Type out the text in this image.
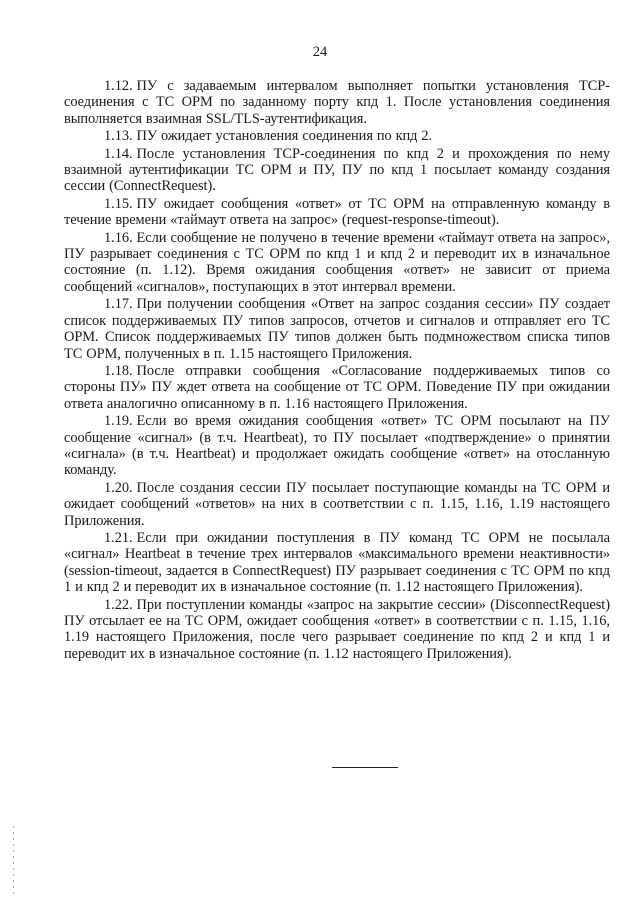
24

1.12. ПУ с задаваемым интервалом выполняет попытки установления TCP-соединения с ТС ОРМ по заданному порту кпд 1. После установления соединения выполняется взаимная SSL/TLS-аутентификация.

1.13. ПУ ожидает установления соединения по кпд 2.

1.14. После установления TCP-соединения по кпд 2 и прохождения по нему взаимной аутентификации ТС ОРМ и ПУ, ПУ по кпд 1 посылает команду создания сессии (ConnectRequest).

1.15. ПУ ожидает сообщения «ответ» от ТС ОРМ на отправленную команду в течение времени «таймаут ответа на запрос» (request-response-timeout).

1.16. Если сообщение не получено в течение времени «таймаут ответа на запрос», ПУ разрывает соединения с ТС ОРМ по кпд 1 и кпд 2 и переводит их в изначальное состояние (п. 1.12). Время ожидания сообщения «ответ» не зависит от приема сообщений «сигналов», поступающих в этот интервал времени.

1.17. При получении сообщения «Ответ на запрос создания сессии» ПУ создает список поддерживаемых ПУ типов запросов, отчетов и сигналов и отправляет его ТС ОРМ. Список поддерживаемых ПУ типов должен быть подмножеством списка типов ТС ОРМ, полученных в п. 1.15 настоящего Приложения.

1.18. После отправки сообщения «Согласование поддерживаемых типов со стороны ПУ» ПУ ждет ответа на сообщение от ТС ОРМ. Поведение ПУ при ожидании ответа аналогично описанному в п. 1.16 настоящего Приложения.

1.19. Если во время ожидания сообщения «ответ» ТС ОРМ посылают на ПУ сообщение «сигнал» (в т.ч. Heartbeat), то ПУ посылает «подтверждение» о принятии «сигнала» (в т.ч. Heartbeat) и продолжает ожидать сообщение «ответ» на отосланную команду.

1.20. После создания сессии ПУ посылает поступающие команды на ТС ОРМ и ожидает сообщений «ответов» на них в соответствии с п. 1.15, 1.16, 1.19 настоящего Приложения.

1.21. Если при ожидании поступления в ПУ команд ТС ОРМ не посылала «сигнал» Heartbeat в течение трех интервалов «максимального времени неактивности» (session-timeout, задается в ConnectRequest) ПУ разрывает соединения с ТС ОРМ по кпд 1 и кпд 2 и переводит их в изначальное состояние (п. 1.12 настоящего Приложения).

1.22. При поступлении команды «запрос на закрытие сессии» (DisconnectRequest) ПУ отсылает ее на ТС ОРМ, ожидает сообщения «ответ» в соответствии с п. 1.15, 1.16, 1.19 настоящего Приложения, после чего разрывает соединение по кпд 2 и кпд 1 и переводит их в изначальное состояние (п. 1.12 настоящего Приложения).
